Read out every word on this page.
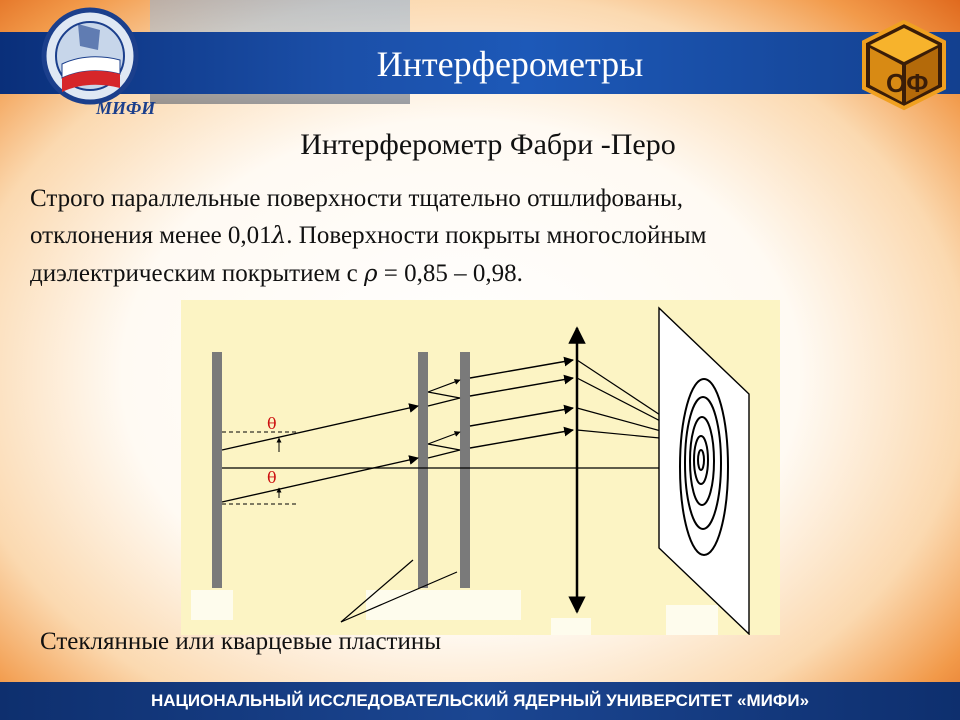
МИФИ
Интерферометры	ОФ
Интерферометр Фабри -Перо
Строго параллельные поверхности тщательно отшлифованы,
отклонения менее 0,01λ. Поверхности покрыты многослойным
диэлектрическим покрытием с ρ = 0,85 – 0,98.
θ
θ
Стеклянные или кварцевые пластины
НАЦИОНАЛЬНЫЙ ИССЛЕДОВАТЕЛЬСКИЙ ЯДЕРНЫЙ УНИВЕРСИТЕТ «МИФИ»
